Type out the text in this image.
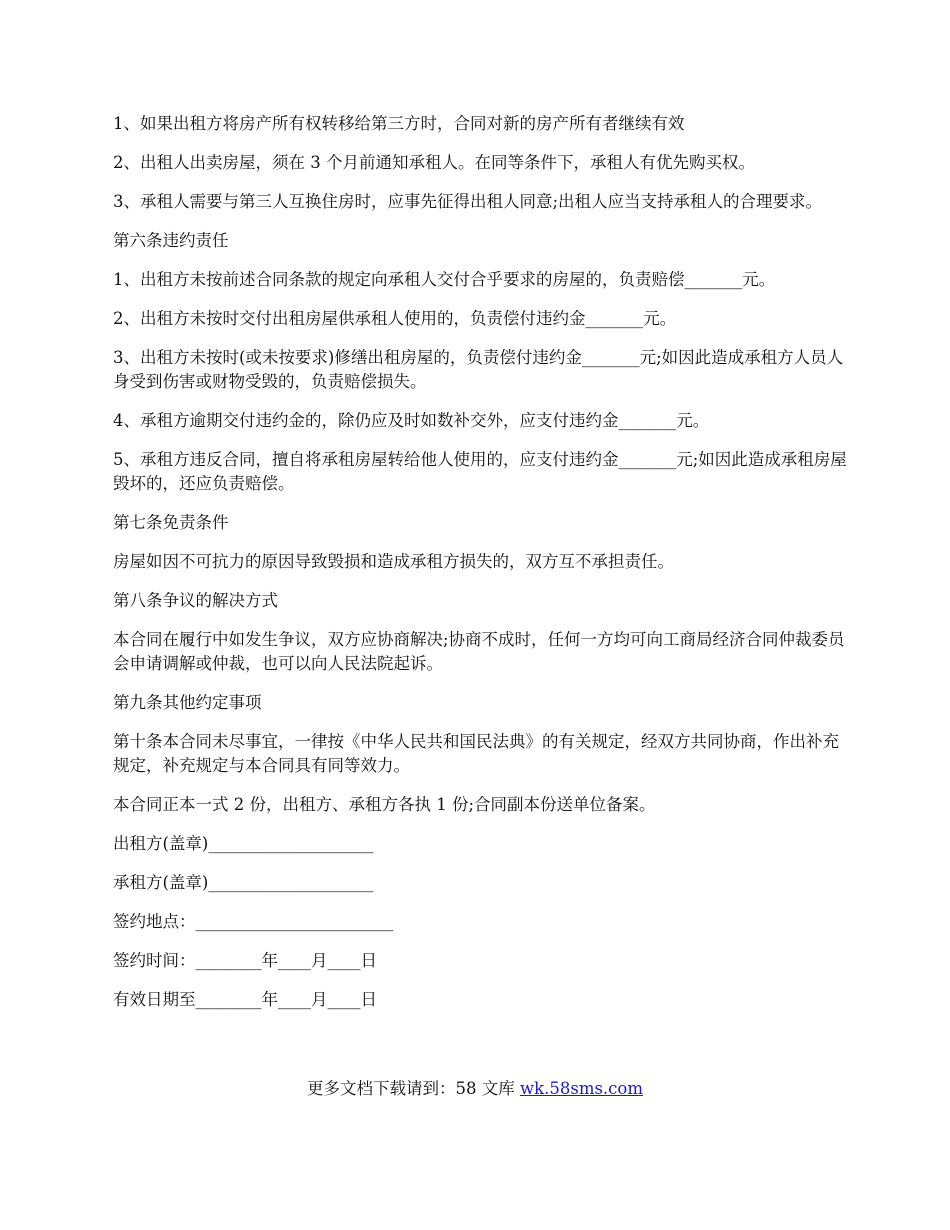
1、如果出租方将房产所有权转移给第三方时，合同对新的房产所有者继续有效

2、出租人出卖房屋，须在 3 个月前通知承租人。在同等条件下，承租人有优先购买权。

3、承租人需要与第三人互换住房时，应事先征得出租人同意;出租人应当支持承租人的合理要求。

第六条违约责任

1、出租方未按前述合同条款的规定向承租人交付合乎要求的房屋的，负责赔偿_______元。

2、出租方未按时交付出租房屋供承租人使用的，负责偿付违约金_______元。

3、出租方未按时(或未按要求)修缮出租房屋的，负责偿付违约金_______元;如因此造成承租方人员人身受到伤害或财物受毁的，负责赔偿损失。

4、承租方逾期交付违约金的，除仍应及时如数补交外，应支付违约金_______元。

5、承租方违反合同，擅自将承租房屋转给他人使用的，应支付违约金_______元;如因此造成承租房屋毁坏的，还应负责赔偿。

第七条免责条件

房屋如因不可抗力的原因导致毁损和造成承租方损失的，双方互不承担责任。

第八条争议的解决方式

本合同在履行中如发生争议，双方应协商解决;协商不成时，任何一方均可向工商局经济合同仲裁委员会申请调解或仲裁，也可以向人民法院起诉。

第九条其他约定事项

第十条本合同未尽事宜，一律按《中华人民共和国民法典》的有关规定，经双方共同协商，作出补充规定，补充规定与本合同具有同等效力。

本合同正本一式 2 份，出租方、承租方各执 1 份;合同副本份送单位备案。

出租方(盖章)____________________

承租方(盖章)____________________

签约地点：________________________

签约时间：________年____月____日

有效日期至________年____月____日

更多文档下载请到：58 文库 wk.58sms.com
